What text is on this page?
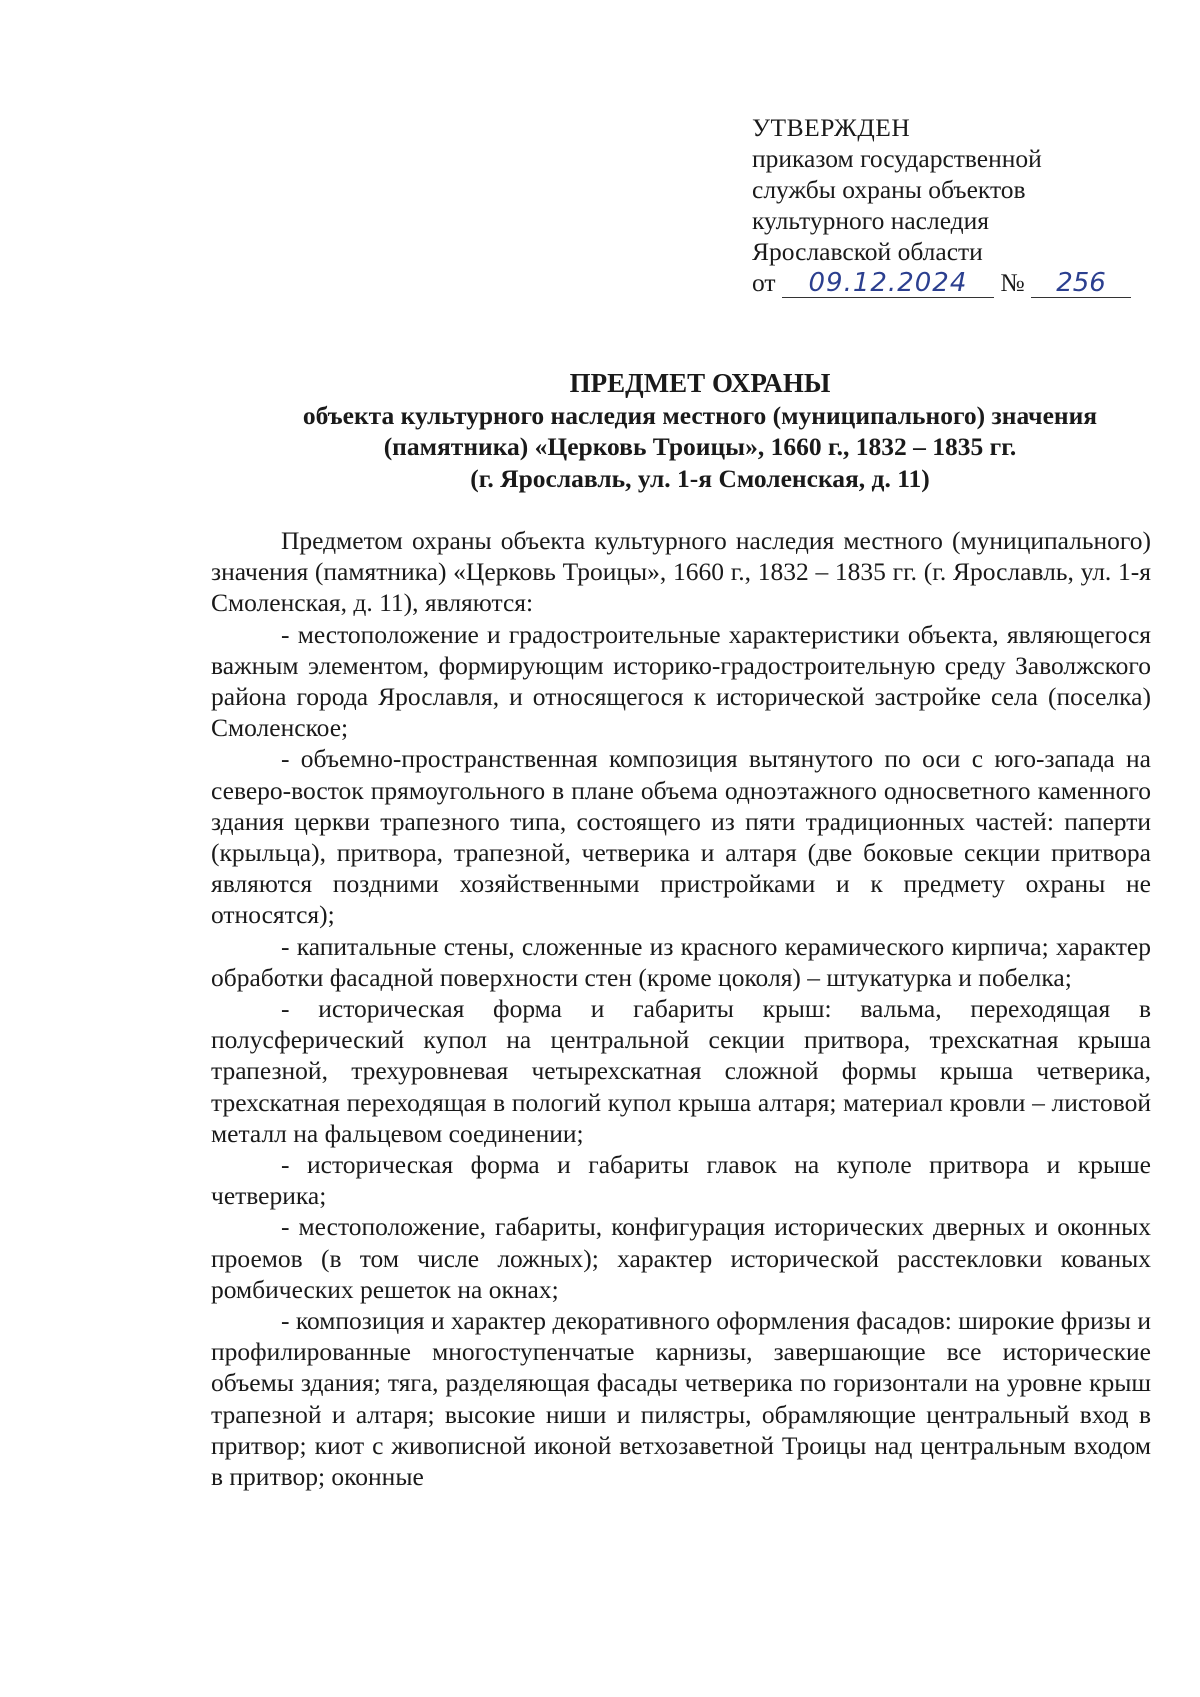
УТВЕРЖДЕН
приказом государственной
службы охраны объектов
культурного наследия
Ярославской области
от 09.12.2024 № 256
ПРЕДМЕТ ОХРАНЫ
объекта культурного наследия местного (муниципального) значения
(памятника) «Церковь Троицы», 1660 г., 1832 – 1835 гг.
(г. Ярославль, ул. 1-я Смоленская, д. 11)

Предметом охраны объекта культурного наследия местного (муниципального) значения (памятника) «Церковь Троицы», 1660 г., 1832 – 1835 гг. (г. Ярославль, ул. 1-я Смоленская, д. 11), являются:

- местоположение и градостроительные характеристики объекта, являющегося важным элементом, формирующим историко-градостроительную среду Заволжского района города Ярославля, и относящегося к исторической застройке села (поселка) Смоленское;

- объемно-пространственная композиция вытянутого по оси с юго-запада на северо-восток прямоугольного в плане объема одноэтажного односветного каменного здания церкви трапезного типа, состоящего из пяти традиционных частей: паперти (крыльца), притвора, трапезной, четверика и алтаря (две боковые секции притвора являются поздними хозяйственными пристройками и к предмету охраны не относятся);

- капитальные стены, сложенные из красного керамического кирпича; характер обработки фасадной поверхности стен (кроме цоколя) – штукатурка и побелка;

- историческая форма и габариты крыш: вальма, переходящая в полусферический купол на центральной секции притвора, трехскатная крыша трапезной, трехуровневая четырехскатная сложной формы крыша четверика, трехскатная переходящая в пологий купол крыша алтаря; материал кровли – листовой металл на фальцевом соединении;

- историческая форма и габариты главок на куполе притвора и крыше четверика;

- местоположение, габариты, конфигурация исторических дверных и оконных проемов (в том числе ложных); характер исторической расстекловки кованых ромбических решеток на окнах;

- композиция и характер декоративного оформления фасадов: широкие фризы и профилированные многоступенчатые карнизы, завершающие все исторические объемы здания; тяга, разделяющая фасады четверика по горизонтали на уровне крыш трапезной и алтаря; высокие ниши и пилястры, обрамляющие центральный вход в притвор; киот с живописной иконой ветхозаветной Троицы над центральным входом в притвор; оконные
